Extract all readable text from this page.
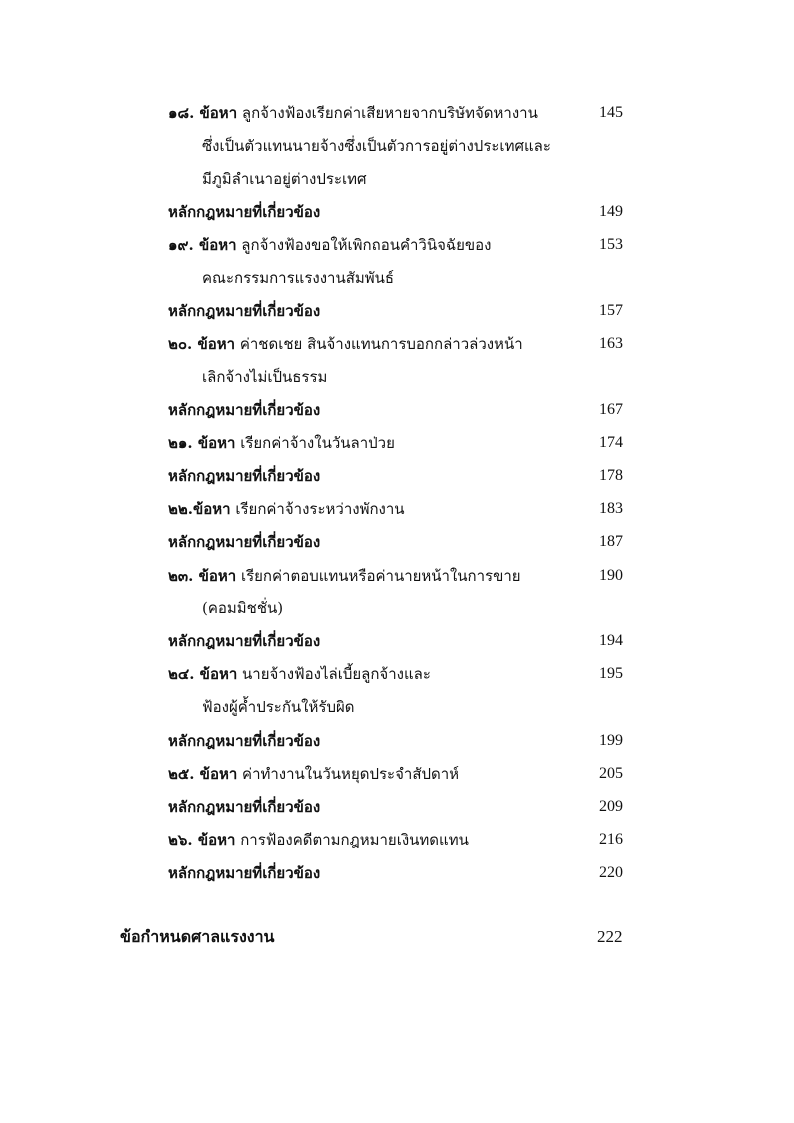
๑๘. ข้อหา ลูกจ้างฟ้องเรียกค่าเสียหายจากบริษัทจัดหางาน	145
ซึ่งเป็นตัวแทนนายจ้างซึ่งเป็นตัวการอยู่ต่างประเทศและ
มีภูมิลำเนาอยู่ต่างประเทศ
หลักกฎหมายที่เกี่ยวข้อง	149
๑๙. ข้อหา ลูกจ้างฟ้องขอให้เพิกถอนคำวินิจฉัยของ	153
คณะกรรมการแรงงานสัมพันธ์
หลักกฎหมายที่เกี่ยวข้อง	157
๒๐. ข้อหา ค่าชดเชย สินจ้างแทนการบอกกล่าวล่วงหน้า	163
เลิกจ้างไม่เป็นธรรม
หลักกฎหมายที่เกี่ยวข้อง	167
๒๑. ข้อหา เรียกค่าจ้างในวันลาป่วย	174
หลักกฎหมายที่เกี่ยวข้อง	178
๒๒.ข้อหา เรียกค่าจ้างระหว่างพักงาน	183
หลักกฎหมายที่เกี่ยวข้อง	187
๒๓. ข้อหา เรียกค่าตอบแทนหรือค่านายหน้าในการขาย	190
(คอมมิชชั่น)
หลักกฎหมายที่เกี่ยวข้อง	194
๒๔. ข้อหา นายจ้างฟ้องไล่เบี้ยลูกจ้างและ	195
ฟ้องผู้ค้ำประกันให้รับผิด
หลักกฎหมายที่เกี่ยวข้อง	199
๒๕. ข้อหา ค่าทำงานในวันหยุดประจำสัปดาห์	205
หลักกฎหมายที่เกี่ยวข้อง	209
๒๖. ข้อหา การฟ้องคดีตามกฎหมายเงินทดแทน	216
หลักกฎหมายที่เกี่ยวข้อง	220
ข้อกำหนดศาลแรงงาน	222
